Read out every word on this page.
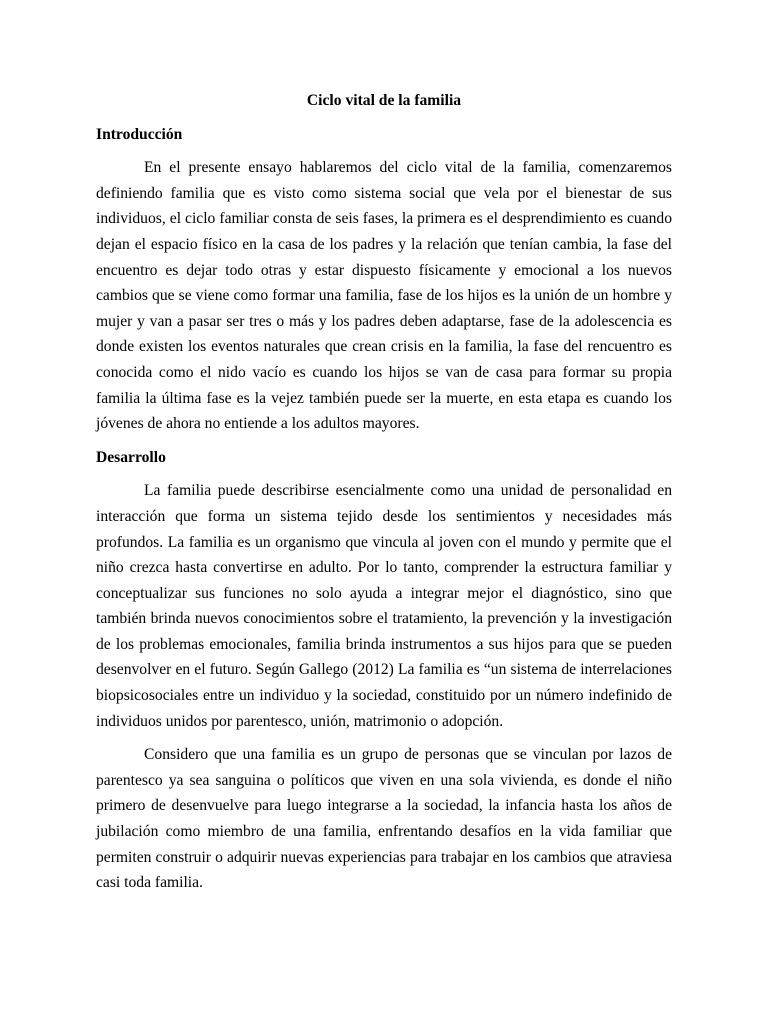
Ciclo vital de la familia
Introducción

En el presente ensayo hablaremos del ciclo vital de la familia, comenzaremos definiendo familia que es visto como sistema social que vela por el bienestar de sus individuos, el ciclo familiar consta de seis fases, la primera es el desprendimiento es cuando dejan el espacio físico en la casa de los padres y la relación que tenían cambia, la fase del encuentro es dejar todo otras y estar dispuesto físicamente y emocional a los nuevos cambios que se viene como formar una familia, fase de los hijos es la unión de un hombre y mujer y van a pasar ser tres o más y los padres deben adaptarse, fase de la adolescencia es donde existen los eventos naturales que crean crisis en la familia, la fase del rencuentro es conocida como el nido vacío es cuando los hijos se van de casa para formar su propia familia la última fase es la vejez también puede ser la muerte, en esta etapa es cuando los jóvenes de ahora no entiende a los adultos mayores.

Desarrollo

La familia puede describirse esencialmente como una unidad de personalidad en interacción que forma un sistema tejido desde los sentimientos y necesidades más profundos. La familia es un organismo que vincula al joven con el mundo y permite que el niño crezca hasta convertirse en adulto. Por lo tanto, comprender la estructura familiar y conceptualizar sus funciones no solo ayuda a integrar mejor el diagnóstico, sino que también brinda nuevos conocimientos sobre el tratamiento, la prevención y la investigación de los problemas emocionales, familia brinda instrumentos a sus hijos para que se pueden desenvolver en el futuro. Según Gallego (2012) La familia es “un sistema de interrelaciones biopsicosociales entre un individuo y la sociedad, constituido por un número indefinido de individuos unidos por parentesco, unión, matrimonio o adopción.

Considero que una familia es un grupo de personas que se vinculan por lazos de parentesco ya sea sanguina o políticos que viven en una sola vivienda, es donde el niño primero de desenvuelve para luego integrarse a la sociedad, la infancia hasta los años de jubilación como miembro de una familia, enfrentando desafíos en la vida familiar que permiten construir o adquirir nuevas experiencias para trabajar en los cambios que atraviesa casi toda familia.
